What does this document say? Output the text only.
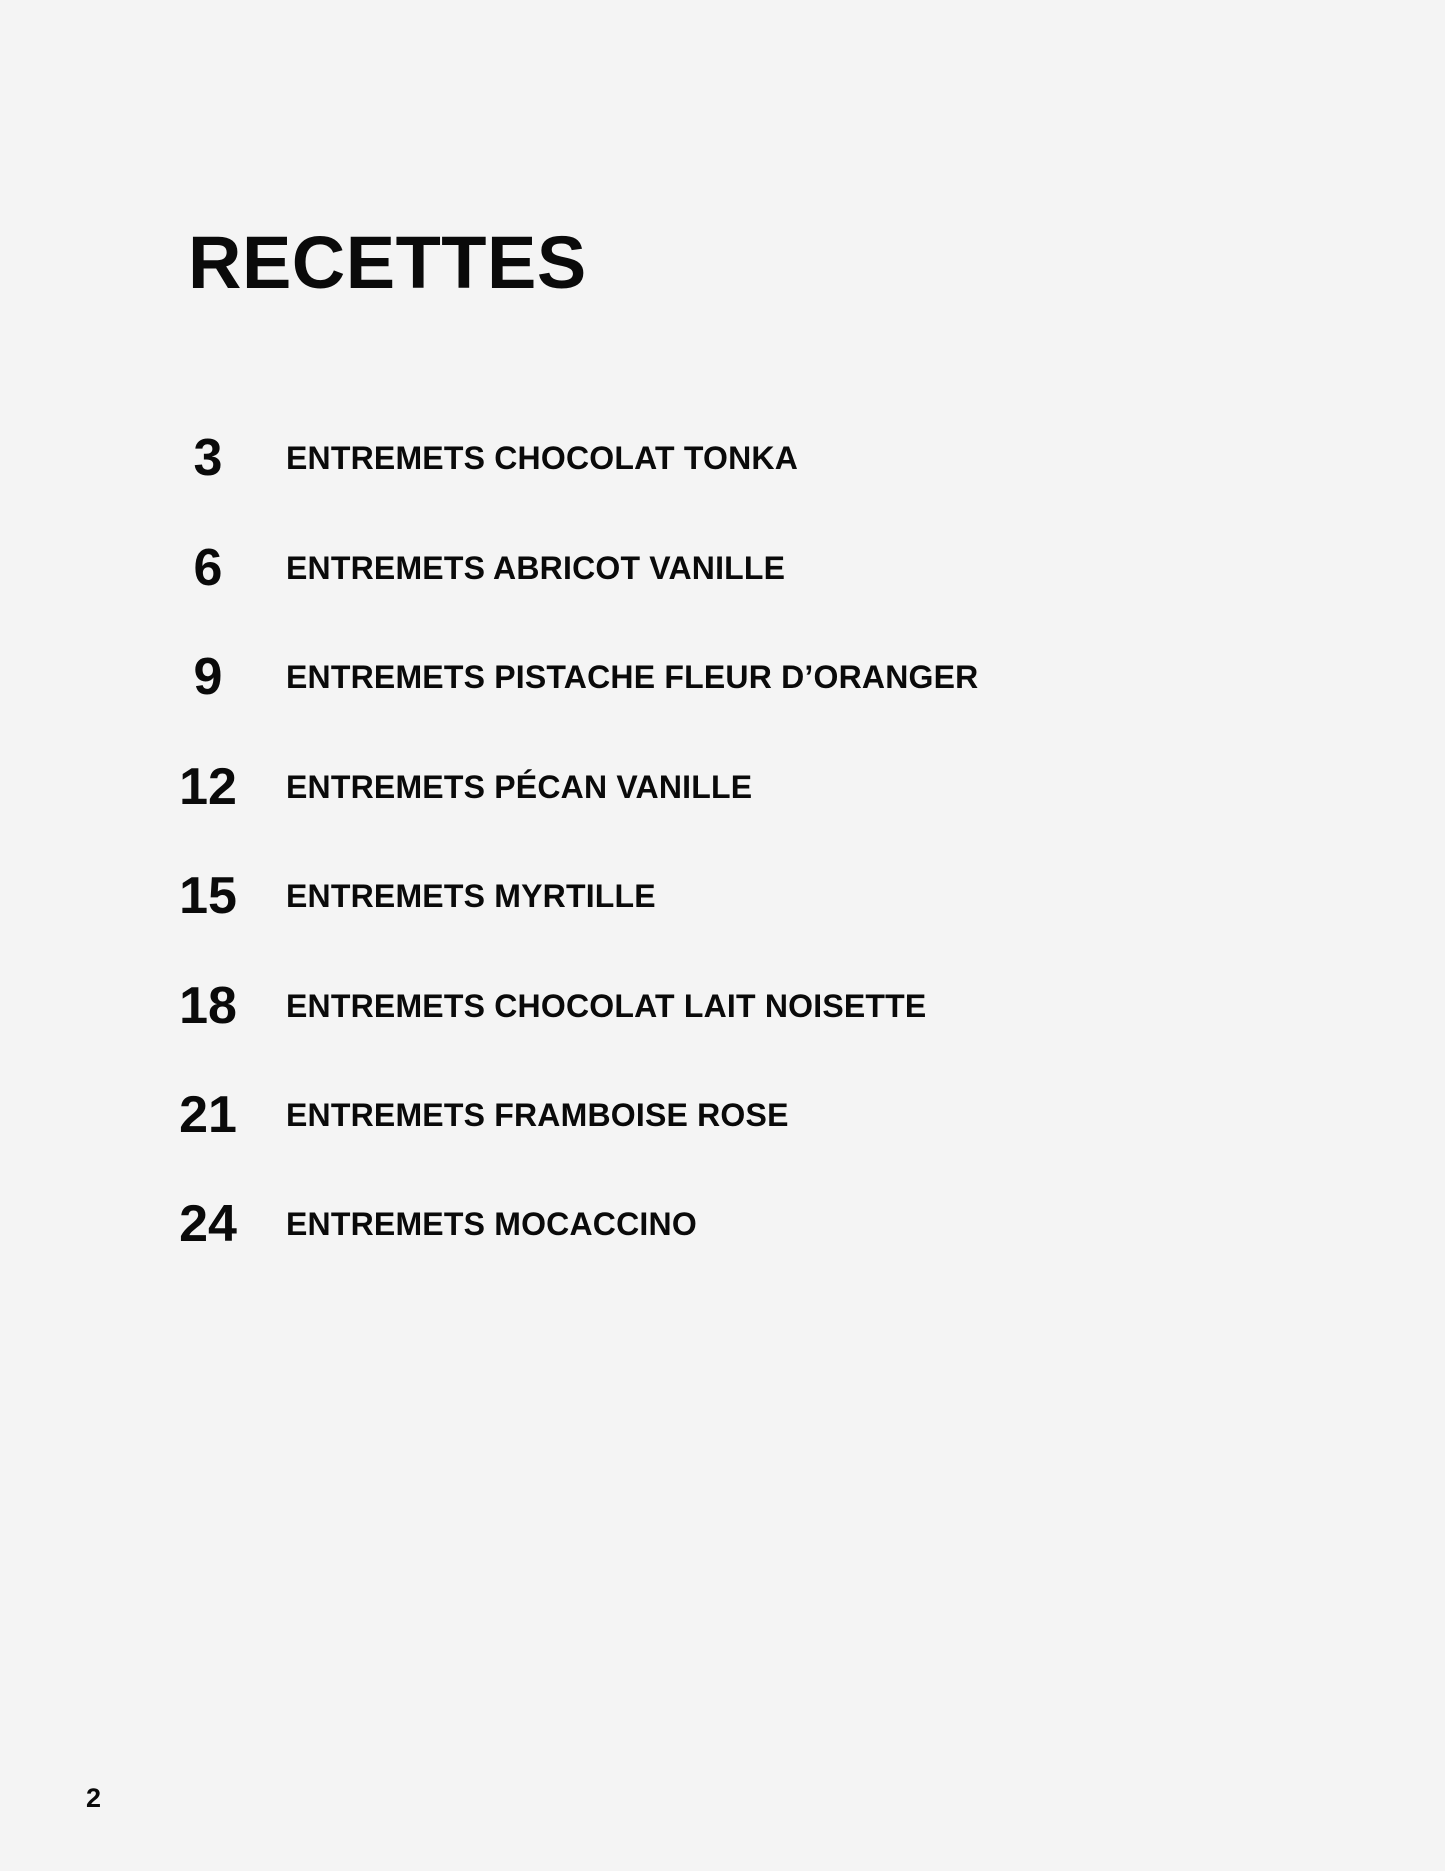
RECETTES
3	ENTREMETS CHOCOLAT TONKA
6	ENTREMETS ABRICOT VANILLE
9	ENTREMETS PISTACHE FLEUR D’ORANGER
12	ENTREMETS PÉCAN VANILLE
15	ENTREMETS MYRTILLE
18	ENTREMETS CHOCOLAT LAIT NOISETTE
21	ENTREMETS FRAMBOISE ROSE
24	ENTREMETS MOCACCINO
2
